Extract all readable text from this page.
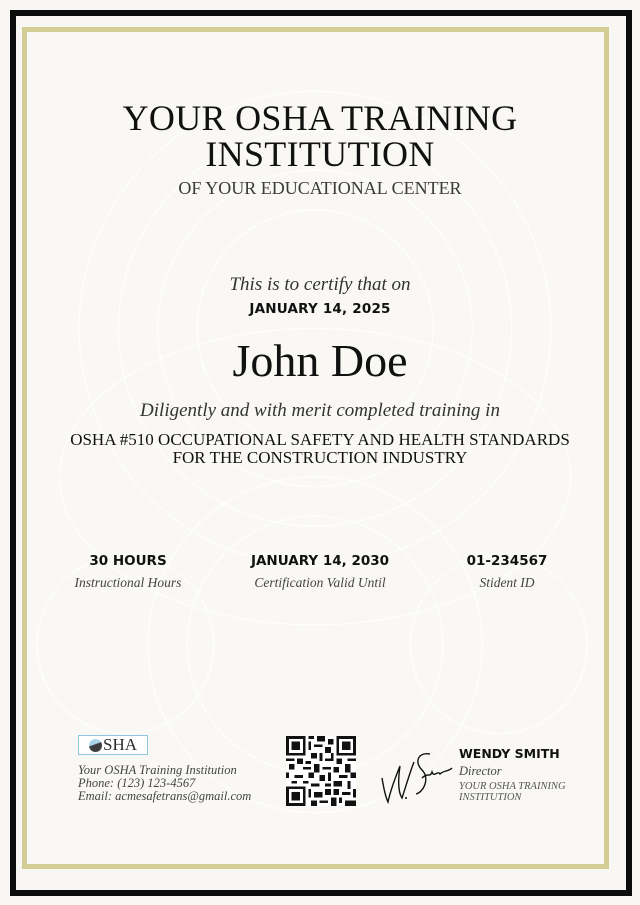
YOUR OSHA TRAINING
INSTITUTION
OF YOUR EDUCATIONAL CENTER
This is to certify that on
JANUARY 14, 2025
John Doe
Diligently and with merit completed training in
OSHA #510 OCCUPATIONAL SAFETY AND HEALTH STANDARDS
FOR THE CONSTRUCTION INDUSTRY
30 HOURS
Instructional Hours
JANUARY 14, 2030
Certification Valid Until
01-234567
Stident ID
SHA
Your OSHA Training Institution
Phone: (123) 123-4567
Email: acmesafetrans@gmail.com
WENDY SMITH
Director
YOUR OSHA TRAINING
INSTITUTION
